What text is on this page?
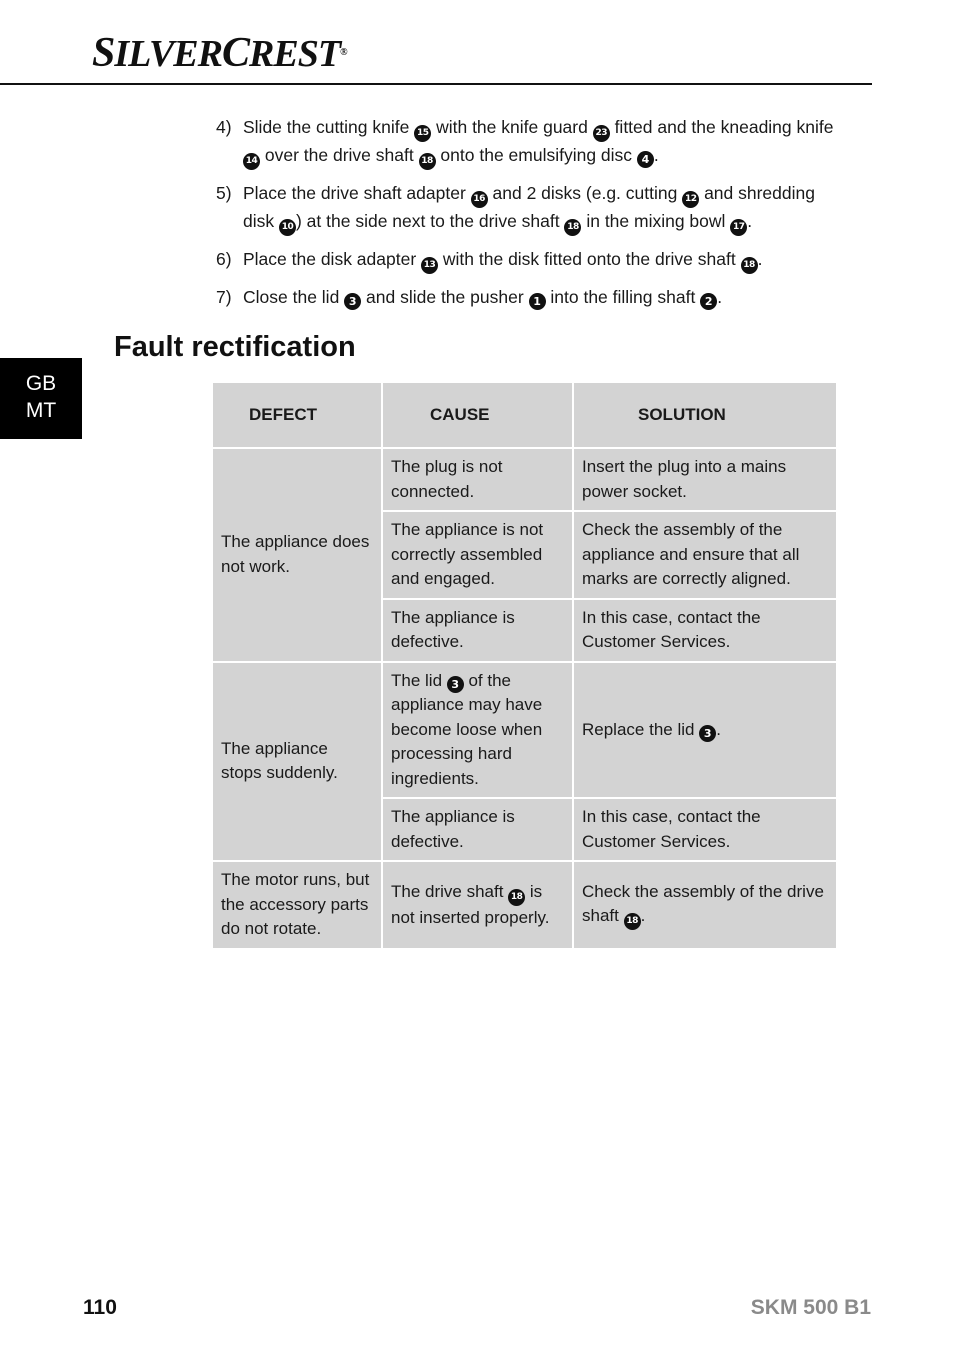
SILVERCREST®
4) Slide the cutting knife 15 with the knife guard 23 fitted and the kneading knife 14 over the drive shaft 18 onto the emulsifying disc 4 .
5) Place the drive shaft adapter 16 and 2 disks (e.g. cutting 12 and shredding disk 10 ) at the side next to the drive shaft 18 in the mixing bowl 17 .
6) Place the disk adapter 13 with the disk fitted onto the drive shaft 18 .
7) Close the lid 3 and slide the pusher 1 into the filling shaft 2 .
Fault rectification
GB
MT	DEFECT	CAUSE	SOLUTION
The appliance does not work.	The plug is not connected.	Insert the plug into a mains power socket.
	The appliance is not correctly assembled and engaged.	Check the assembly of the appliance and ensure that all marks are correctly aligned.
	The appliance is defective.	In this case, contact the Customer Services.
The appliance stops suddenly.	The lid 3 of the appliance may have become loose when processing hard ingredients.	Replace the lid 3 .
	The appliance is defective.	In this case, contact the Customer Services.
The motor runs, but the accessory parts do not rotate.	The drive shaft 18 is not inserted properly.	Check the assembly of the drive shaft 18 .
110	SKM 500 B1
